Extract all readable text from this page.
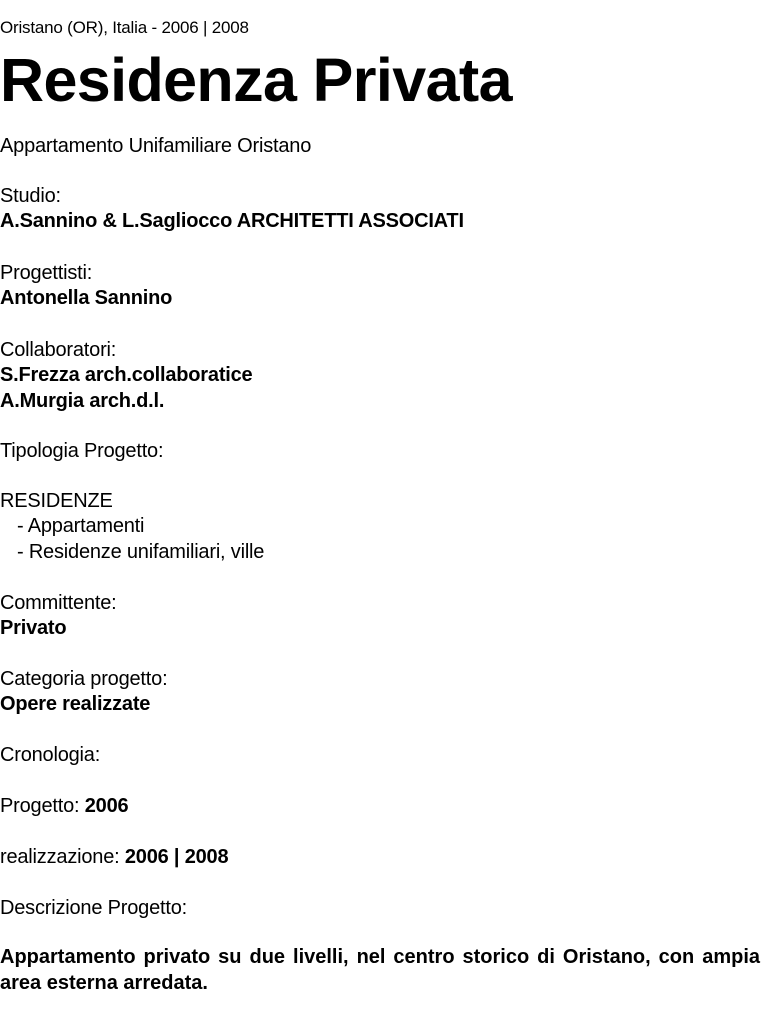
Oristano (OR), Italia - 2006 | 2008
Residenza Privata
Appartamento Unifamiliare Oristano
Studio:
A.Sannino & L.Sagliocco ARCHITETTI ASSOCIATI
Progettisti:
Antonella Sannino
Collaboratori:
S.Frezza arch.collaboratice
A.Murgia arch.d.l.
Tipologia Progetto:
RESIDENZE
- Appartamenti
- Residenze unifamiliari, ville
Committente:
Privato
Categoria progetto:
Opere realizzate
Cronologia:
Progetto: 2006
realizzazione: 2006 | 2008
Descrizione Progetto:
Appartamento privato su due livelli, nel centro storico di Oristano, con ampia area esterna arredata.
